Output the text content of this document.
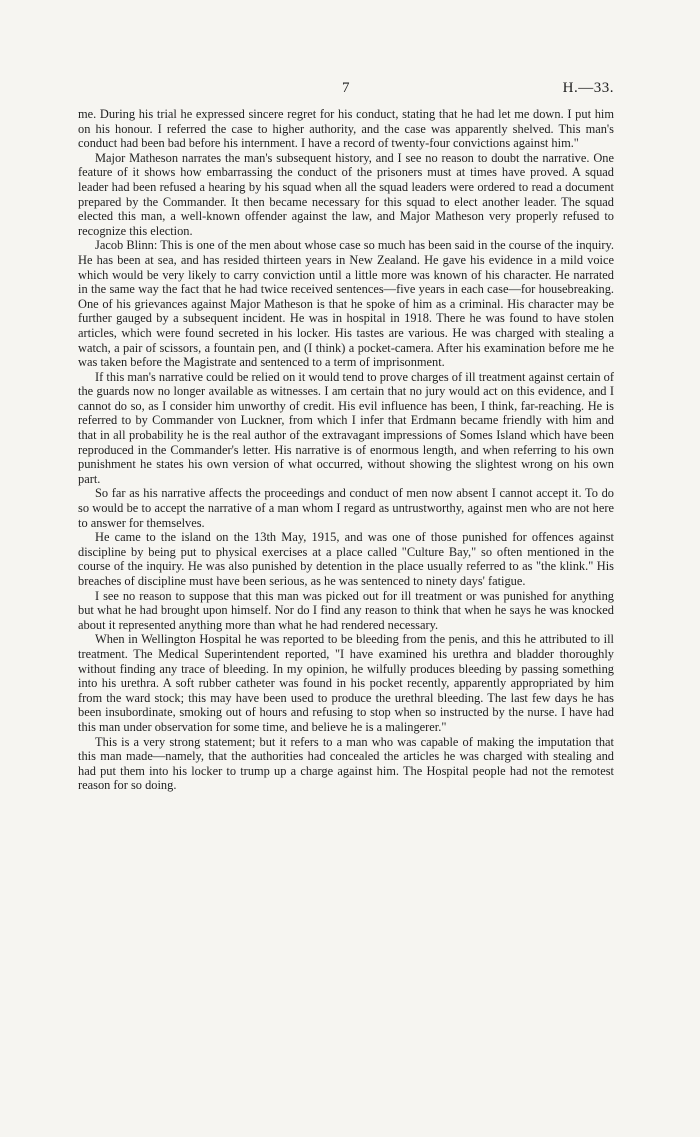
7	H.—33.

me. During his trial he expressed sincere regret for his conduct, stating that he had let me down. I put him on his honour. I referred the case to higher authority, and the case was apparently shelved. This man's conduct had been bad before his internment. I have a record of twenty-four convictions against him."

Major Matheson narrates the man's subsequent history, and I see no reason to doubt the narrative. One feature of it shows how embarrassing the conduct of the prisoners must at times have proved. A squad leader had been refused a hearing by his squad when all the squad leaders were ordered to read a document prepared by the Commander. It then became necessary for this squad to elect another leader. The squad elected this man, a well-known offender against the law, and Major Matheson very properly refused to recognize this election.

Jacob Blinn: This is one of the men about whose case so much has been said in the course of the inquiry. He has been at sea, and has resided thirteen years in New Zealand. He gave his evidence in a mild voice which would be very likely to carry conviction until a little more was known of his character. He narrated in the same way the fact that he had twice received sentences—five years in each case—for housebreaking. One of his grievances against Major Matheson is that he spoke of him as a criminal. His character may be further gauged by a subsequent incident. He was in hospital in 1918. There he was found to have stolen articles, which were found secreted in his locker. His tastes are various. He was charged with stealing a watch, a pair of scissors, a fountain pen, and (I think) a pocket-camera. After his examination before me he was taken before the Magistrate and sentenced to a term of imprisonment.

If this man's narrative could be relied on it would tend to prove charges of ill treatment against certain of the guards now no longer available as witnesses. I am certain that no jury would act on this evidence, and I cannot do so, as I consider him unworthy of credit. His evil influence has been, I think, far-reaching. He is referred to by Commander von Luckner, from which I infer that Erdmann became friendly with him and that in all probability he is the real author of the extravagant impressions of Somes Island which have been reproduced in the Commander's letter. His narrative is of enormous length, and when referring to his own punishment he states his own version of what occurred, without showing the slightest wrong on his own part.

So far as his narrative affects the proceedings and conduct of men now absent I cannot accept it. To do so would be to accept the narrative of a man whom I regard as untrustworthy, against men who are not here to answer for themselves.

He came to the island on the 13th May, 1915, and was one of those punished for offences against discipline by being put to physical exercises at a place called "Culture Bay," so often mentioned in the course of the inquiry. He was also punished by detention in the place usually referred to as "the klink." His breaches of discipline must have been serious, as he was sentenced to ninety days' fatigue.

I see no reason to suppose that this man was picked out for ill treatment or was punished for anything but what he had brought upon himself. Nor do I find any reason to think that when he says he was knocked about it represented anything more than what he had rendered necessary.

When in Wellington Hospital he was reported to be bleeding from the penis, and this he attributed to ill treatment. The Medical Superintendent reported, "I have examined his urethra and bladder thoroughly without finding any trace of bleeding. In my opinion, he wilfully produces bleeding by passing something into his urethra. A soft rubber catheter was found in his pocket recently, apparently appropriated by him from the ward stock; this may have been used to produce the urethral bleeding. The last few days he has been insubordinate, smoking out of hours and refusing to stop when so instructed by the nurse. I have had this man under observation for some time, and believe he is a malingerer."

This is a very strong statement; but it refers to a man who was capable of making the imputation that this man made—namely, that the authorities had concealed the articles he was charged with stealing and had put them into his locker to trump up a charge against him. The Hospital people had not the remotest reason for so doing.
